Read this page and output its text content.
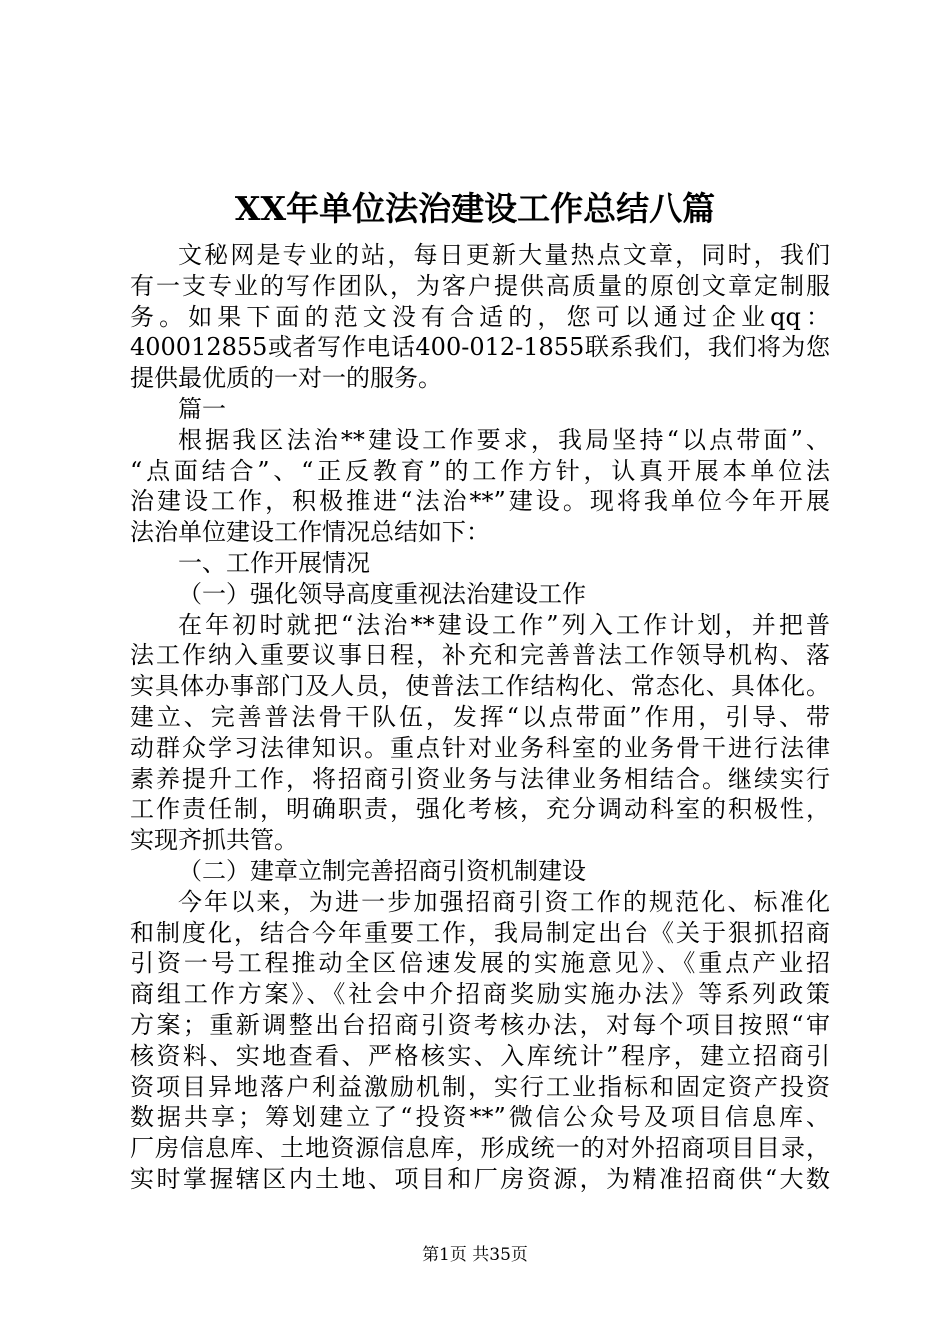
XX年单位法治建设工作总结八篇
文秘网是专业的站，每日更新大量热点文章，同时，我们
有一支专业的写作团队，为客户提供高质量的原创文章定制服
务。如果下面的范文没有合适的，您可以通过企业qq：
400012855或者写作电话400-012-1855联系我们，我们将为您
提供最优质的一对一的服务。
篇一
根据我区法治**建设工作要求，我局坚持“以点带面”、
“点面结合”、“正反教育”的工作方针，认真开展本单位法
治建设工作，积极推进“法治**”建设。现将我单位今年开展
法治单位建设工作情况总结如下：
一、工作开展情况
（一）强化领导高度重视法治建设工作
在年初时就把“法治**建设工作”列入工作计划，并把普
法工作纳入重要议事日程，补充和完善普法工作领导机构、落
实具体办事部门及人员，使普法工作结构化、常态化、具体化。
建立、完善普法骨干队伍，发挥“以点带面”作用，引导、带
动群众学习法律知识。重点针对业务科室的业务骨干进行法律
素养提升工作，将招商引资业务与法律业务相结合。继续实行
工作责任制，明确职责，强化考核，充分调动科室的积极性，
实现齐抓共管。
（二）建章立制完善招商引资机制建设
今年以来，为进一步加强招商引资工作的规范化、标准化
和制度化，结合今年重要工作，我局制定出台《关于狠抓招商
引资一号工程推动全区倍速发展的实施意见》、《重点产业招
商组工作方案》、《社会中介招商奖励实施办法》等系列政策
方案；重新调整出台招商引资考核办法，对每个项目按照“审
核资料、实地查看、严格核实、入库统计”程序，建立招商引
资项目异地落户利益激励机制，实行工业指标和固定资产投资
数据共享；筹划建立了“投资**”微信公众号及项目信息库、
厂房信息库、土地资源信息库，形成统一的对外招商项目目录，
实时掌握辖区内土地、项目和厂房资源，为精准招商供“大数
第1页 共35页
